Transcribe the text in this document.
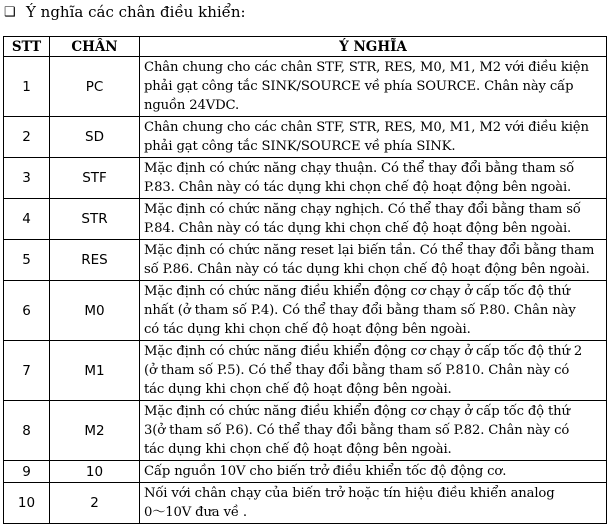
❑ Ý nghĩa các chân điều khiển:
STT	CHÂN	Ý NGHĨA
1	PC	Chân chung cho các chân STF, STR, RES, M0, M1, M2 với điều kiện
phải gạt công tắc SINK/SOURCE về phía SOURCE. Chân này cấp
nguồn 24VDC.

2	SD	Chân chung cho các chân STF, STR, RES, M0, M1, M2 với điều kiện
phải gạt công tắc SINK/SOURCE về phía SINK.

3	STF	Mặc định có chức năng chạy thuận. Có thể thay đổi bằng tham số
P.83. Chân này có tác dụng khi chọn chế độ hoạt động bên ngoài.

4	STR	Mặc định có chức năng chạy nghịch. Có thể thay đổi bằng tham số
P.84. Chân này có tác dụng khi chọn chế độ hoạt động bên ngoài.

5	RES	Mặc định có chức năng reset lại biến tần. Có thể thay đổi bằng tham
số P.86. Chân này có tác dụng khi chọn chế độ hoạt động bên ngoài.

6	M0	Mặc định có chức năng điều khiển động cơ chạy ở cấp tốc độ thứ
nhất (ở tham số P.4). Có thể thay đổi bằng tham số P.80. Chân này
có tác dụng khi chọn chế độ hoạt động bên ngoài.

7	M1	Mặc định có chức năng điều khiển động cơ chạy ở cấp tốc độ thứ 2
(ở tham số P.5). Có thể thay đổi bằng tham số P.810. Chân này có
tác dụng khi chọn chế độ hoạt động bên ngoài.

8	M2	Mặc định có chức năng điều khiển động cơ chạy ở cấp tốc độ thứ
3(ở tham số P.6). Có thể thay đổi bằng tham số P.82. Chân này có
tác dụng khi chọn chế độ hoạt động bên ngoài.

9	10	Cấp nguồn 10V cho biến trở điều khiển tốc độ động cơ.

10	2	Nối với chân chạy của biến trở hoặc tín hiệu điều khiển analog
0～10V đưa về .
